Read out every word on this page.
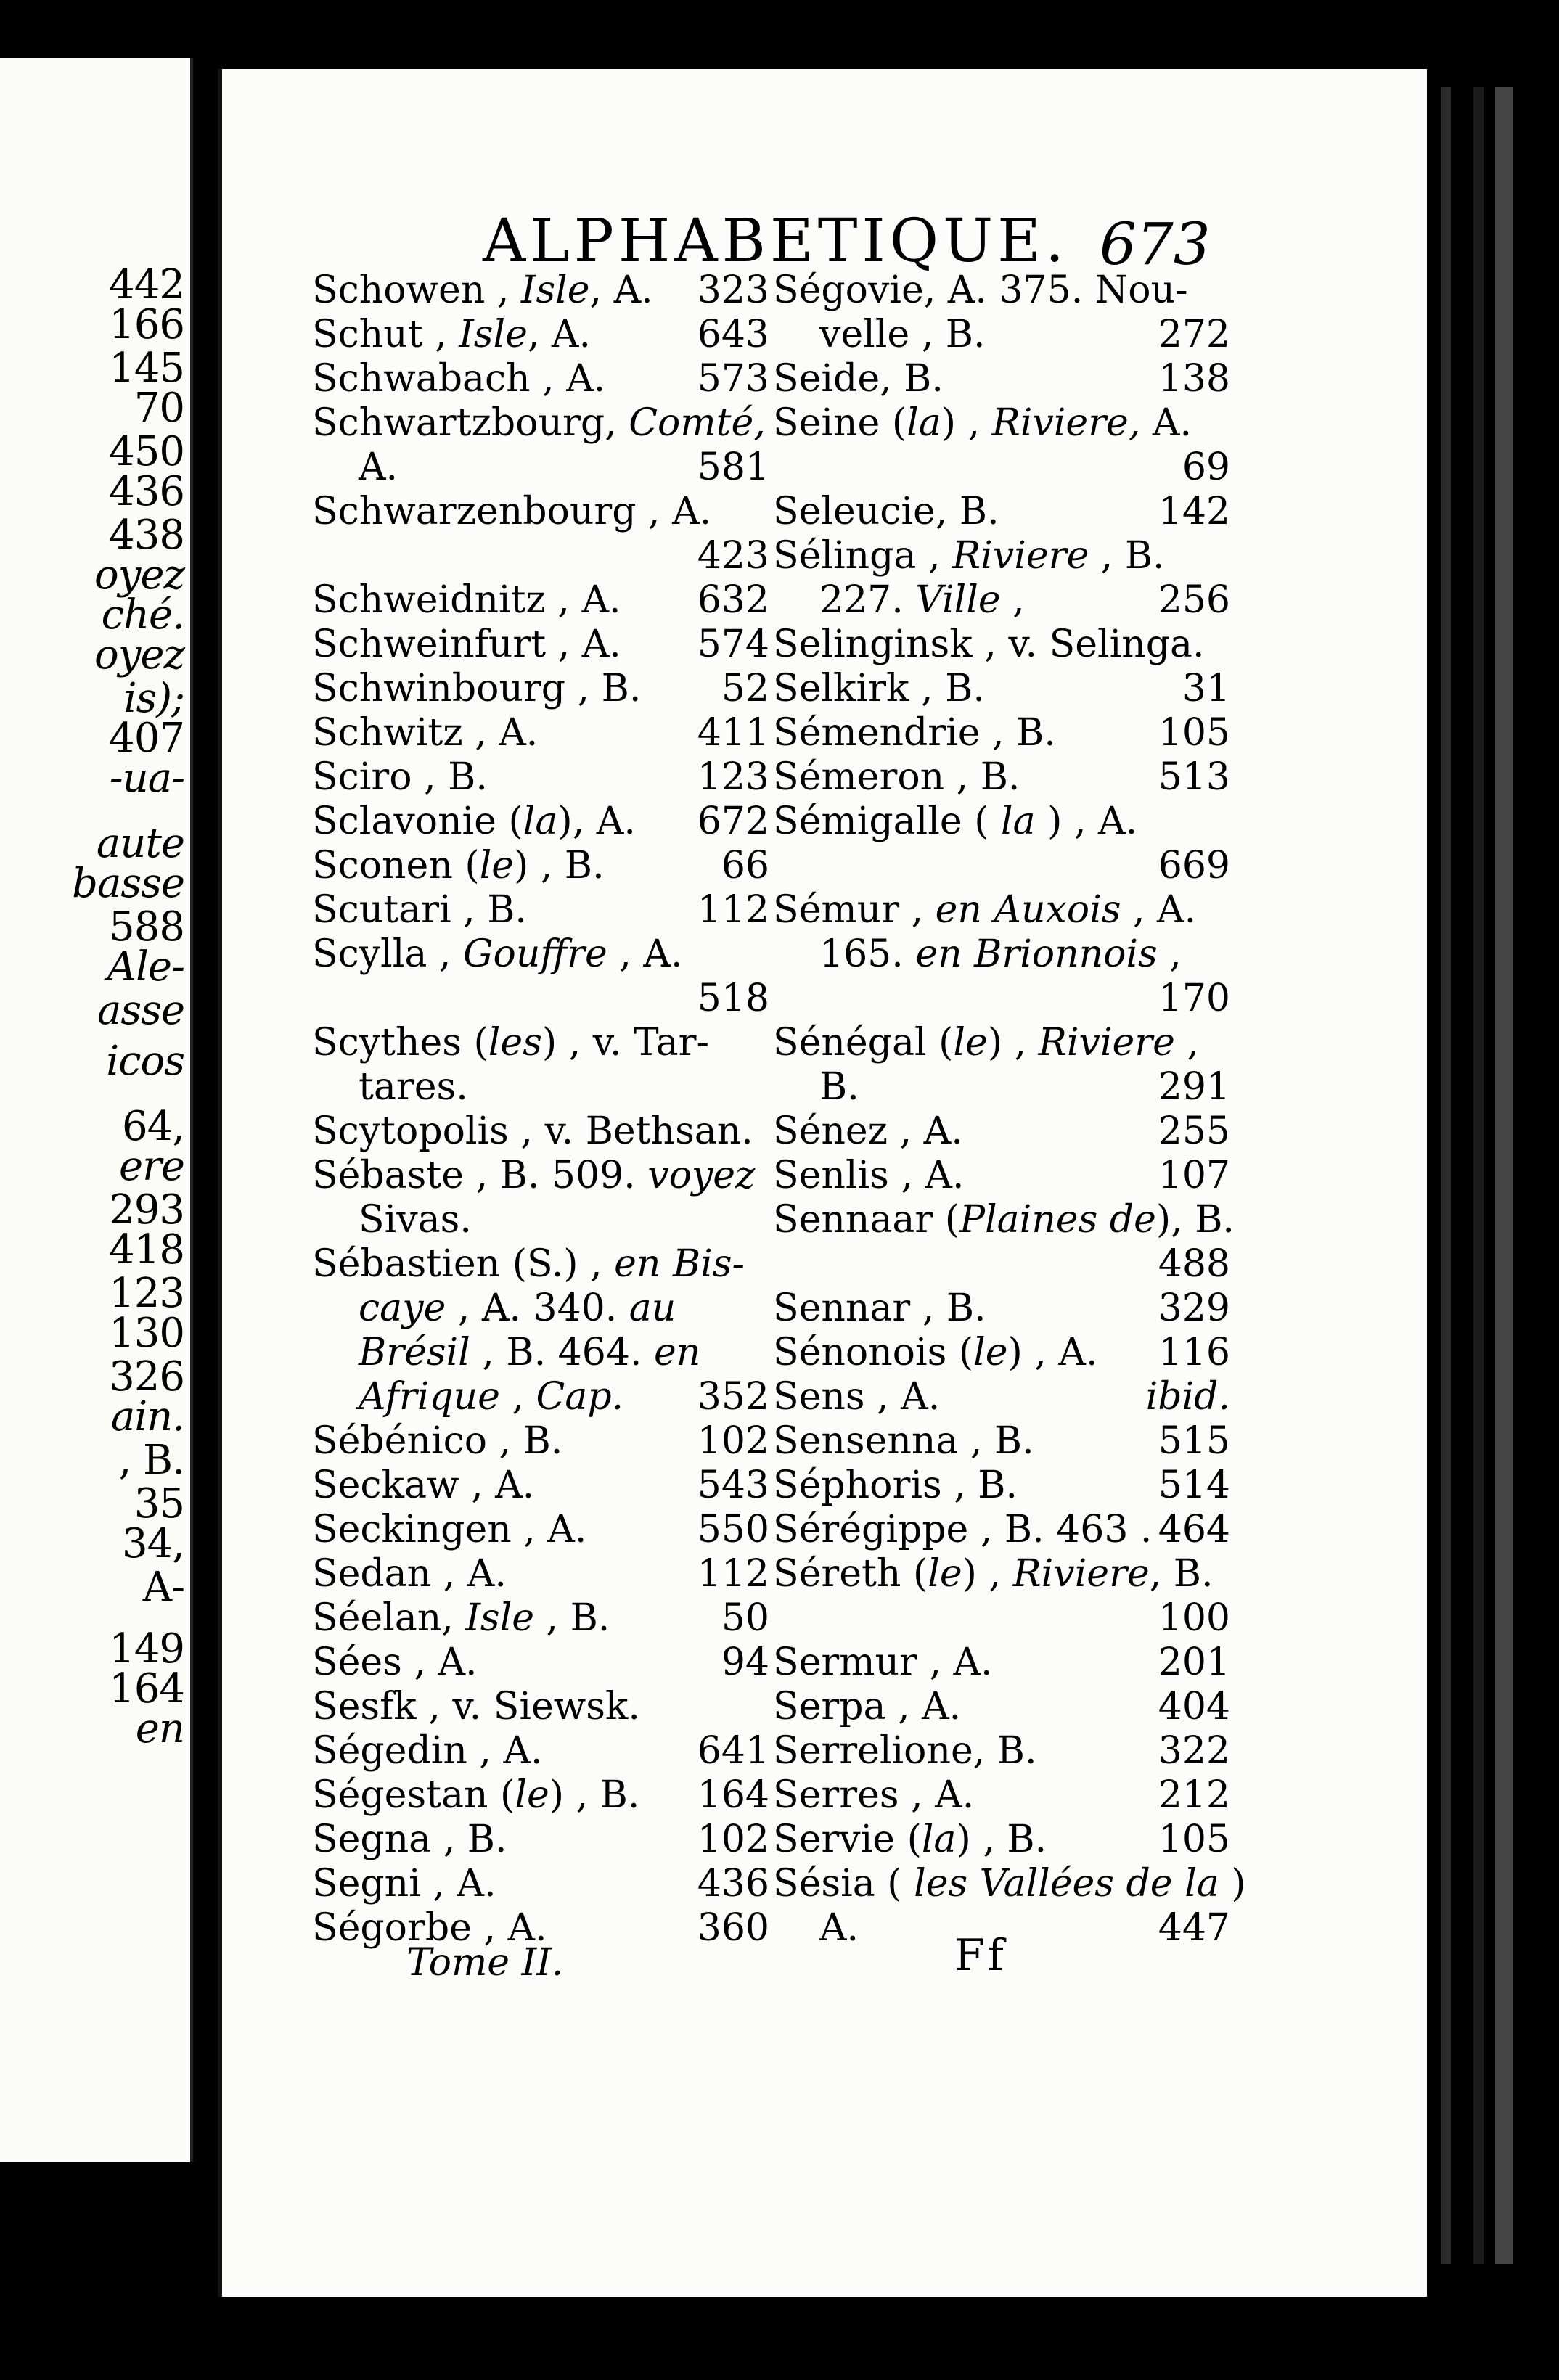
442
166
145
70
450
436
438
oyez
ché.
oyez
is);
407
-ua-
aute
basse
588
Ale-
asse
icos
64,
ere
293
418
123
130
326
ain.
, B.
35
34,
A-
149
164
en
ALPHABETIQUE. 673
Schowen , Isle, A. 323
Schut , Isle, A.	643
Schwabach , A. 573
Schwartzbourg, Comté,
A.	581
Schwarzenbourg , A.
423
Schweidnitz , A. 632
Schweinfurt , A. 574
Schwinbourg , B. 52
Schwitz , A.	411
Sciro , B.	123
Sclavonie (la), A. 672
Sconen (le) , B.	66
Scutari , B.	112
Scylla , Gouffre , A.
518
Scythes (les) , v. Tar-
tares.
Scytopolis , v. Bethsan.
Sébaste , B. 509. voyez
Sivas.
Sébastien (S.) , en Bis-
caye , A. 340. au
Brésil , B. 464. en
Afrique , Cap. 352
Sébénico , B.	102
Seckaw , A.	543
Seckingen , A.	550
Sedan , A.	112
Séelan, Isle , B.	50
Sées , A.	94
Sesfk , v. Siewsk.
Ségedin , A.	641
Ségestan (le) , B. 164
Segna , B.	102
Segni , A.	436
Ségorbe , A.	360
Ségovie, A. 375. Nou-
velle , B.	272
Seide, B.	138
Seine (la) , Riviere, A.
69
Seleucie, B.	142
Sélinga , Riviere , B.
227. Ville ,	256
Selinginsk , v. Selinga.
Selkirk , B.	31
Sémendrie , B.	105
Sémeron , B.	513
Sémigalle ( la ) , A.
669
Sémur , en Auxois , A.
165. en Brionnois ,
170
Sénégal (le) , Riviere ,
B.	291
Sénez , A.	255
Senlis , A.	107
Sennaar (Plaines de), B.
488
Sennar , B.	329
Sénonois (le) , A. 116
Sens , A.	ibid.
Sensenna , B.	515
Séphoris , B.	514
Sérégippe , B. 463 . 464
Séreth (le) , Riviere, B.
100
Sermur , A.	201
Serpa , A.	404
Serrelione, B.	322
Serres , A.	212
Servie (la) , B.	105
Sésia ( les Vallées de la )
A.	447
Tome II.	Ff
